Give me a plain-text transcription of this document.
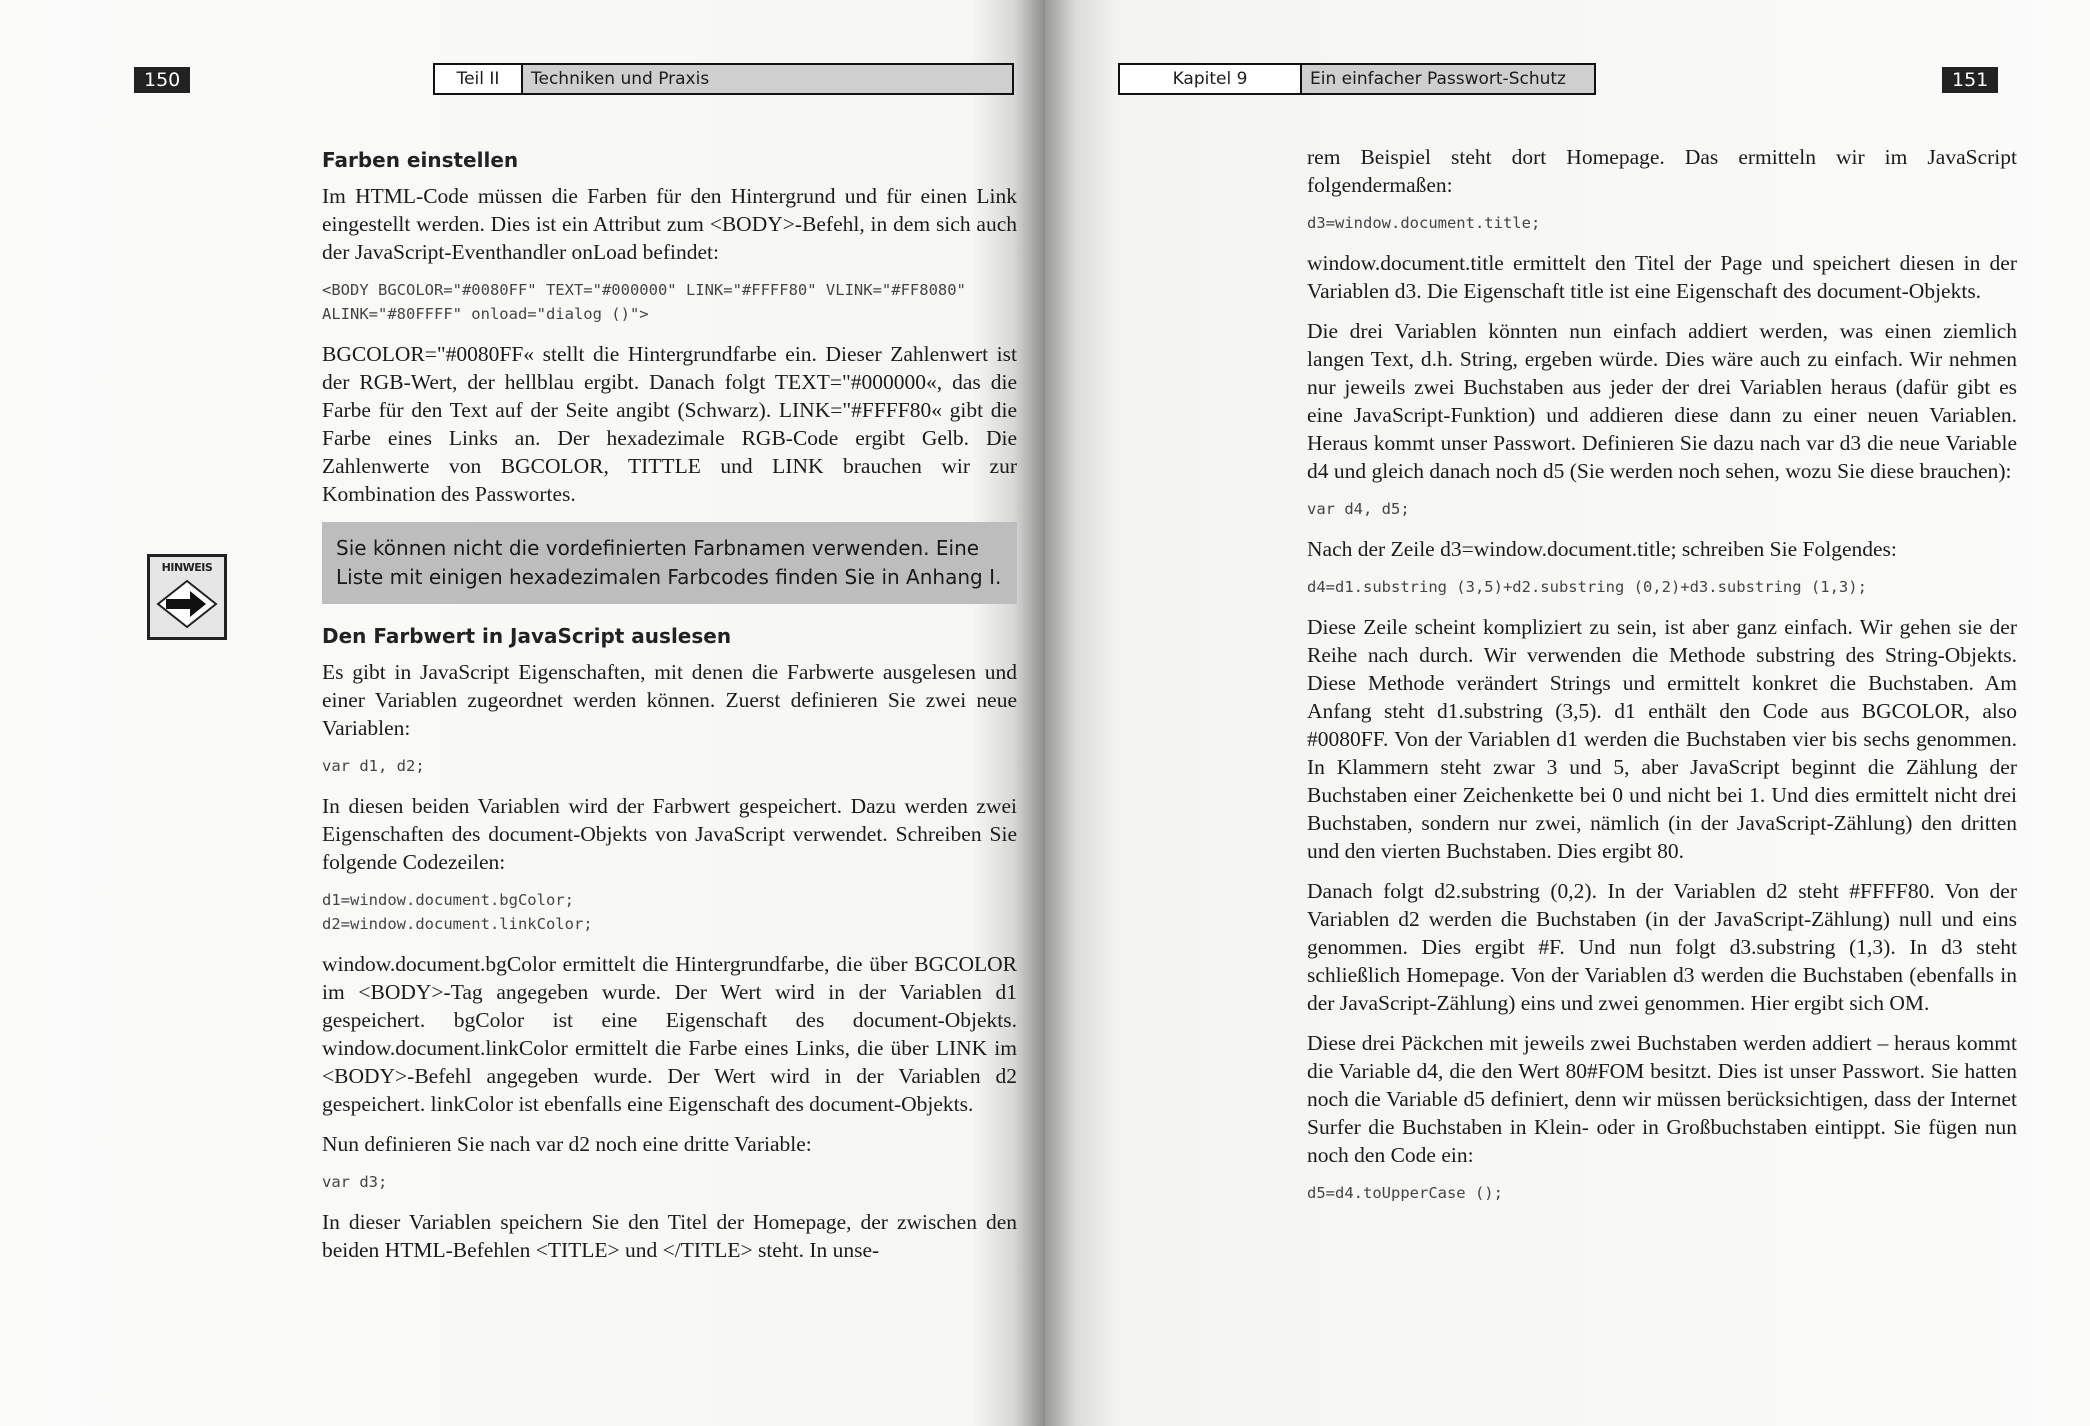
150	Teil II	Techniken und Praxis
HINWEIS
Farben einstellen

Im HTML-Code müssen die Farben für den Hintergrund und für einen Link eingestellt werden. Dies ist ein Attribut zum <BODY>-Befehl, in dem sich auch der JavaScript-Eventhandler onLoad befindet:

<BODY BGCOLOR="#0080FF" TEXT="#000000" LINK="#FFFF80" VLINK="#FF8080"
ALINK="#80FFFF" onload="dialog ()">

BGCOLOR="#0080FF« stellt die Hintergrundfarbe ein. Dieser Zahlenwert ist der RGB-Wert, der hellblau ergibt. Danach folgt TEXT="#000000«, das die Farbe für den Text auf der Seite angibt (Schwarz). LINK="#FFFF80« gibt die Farbe eines Links an. Der hexadezimale RGB-Code ergibt Gelb. Die Zahlenwerte von BGCOLOR, TITTLE und LINK brauchen wir zur Kombination des Passwortes.

Sie können nicht die vordefinierten Farbnamen verwenden. Eine Liste mit einigen hexadezimalen Farbcodes finden Sie in Anhang I.
Den Farbwert in JavaScript auslesen

Es gibt in JavaScript Eigenschaften, mit denen die Farbwerte ausgelesen und einer Variablen zugeordnet werden können. Zuerst definieren Sie zwei neue Variablen:

var d1, d2;

In diesen beiden Variablen wird der Farbwert gespeichert. Dazu werden zwei Eigenschaften des document-Objekts von JavaScript verwendet. Schreiben Sie folgende Codezeilen:

d1=window.document.bgColor;
d2=window.document.linkColor;

window.document.bgColor ermittelt die Hintergrundfarbe, die über BGCOLOR im <BODY>-Tag angegeben wurde. Der Wert wird in der Variablen d1 gespeichert. bgColor ist eine Eigenschaft des document-Objekts. window.document.linkColor ermittelt die Farbe eines Links, die über LINK im <BODY>-Befehl angegeben wurde. Der Wert wird in der Variablen d2 gespeichert. linkColor ist ebenfalls eine Eigenschaft des document-Objekts.

Nun definieren Sie nach var d2 noch eine dritte Variable:

var d3;

In dieser Variablen speichern Sie den Titel der Homepage, der zwischen den beiden HTML-Befehlen <TITLE> und </TITLE> steht. In unse-

Kapitel 9	Ein einfacher Passwort-Schutz	151

rem Beispiel steht dort Homepage. Das ermitteln wir im JavaScript folgendermaßen:

d3=window.document.title;

window.document.title ermittelt den Titel der Page und speichert diesen in der Variablen d3. Die Eigenschaft title ist eine Eigenschaft des document-Objekts.

Die drei Variablen könnten nun einfach addiert werden, was einen ziemlich langen Text, d.h. String, ergeben würde. Dies wäre auch zu einfach. Wir nehmen nur jeweils zwei Buchstaben aus jeder der drei Variablen heraus (dafür gibt es eine JavaScript-Funktion) und addieren diese dann zu einer neuen Variablen. Heraus kommt unser Passwort. Definieren Sie dazu nach var d3 die neue Variable d4 und gleich danach noch d5 (Sie werden noch sehen, wozu Sie diese brauchen):

var d4, d5;

Nach der Zeile d3=window.document.title; schreiben Sie Folgendes:

d4=d1.substring (3,5)+d2.substring (0,2)+d3.substring (1,3);

Diese Zeile scheint kompliziert zu sein, ist aber ganz einfach. Wir gehen sie der Reihe nach durch. Wir verwenden die Methode substring des String-Objekts. Diese Methode verändert Strings und ermittelt konkret die Buchstaben. Am Anfang steht d1.substring (3,5). d1 enthält den Code aus BGCOLOR, also #0080FF. Von der Variablen d1 werden die Buchstaben vier bis sechs genommen. In Klammern steht zwar 3 und 5, aber JavaScript beginnt die Zählung der Buchstaben einer Zeichenkette bei 0 und nicht bei 1. Und dies ermittelt nicht drei Buchstaben, sondern nur zwei, nämlich (in der JavaScript-Zählung) den dritten und den vierten Buchstaben. Dies ergibt 80.

Danach folgt d2.substring (0,2). In der Variablen d2 steht #FFFF80. Von der Variablen d2 werden die Buchstaben (in der JavaScript-Zählung) null und eins genommen. Dies ergibt #F. Und nun folgt d3.substring (1,3). In d3 steht schließlich Homepage. Von der Variablen d3 werden die Buchstaben (ebenfalls in der JavaScript-Zählung) eins und zwei genommen. Hier ergibt sich OM.

Diese drei Päckchen mit jeweils zwei Buchstaben werden addiert – heraus kommt die Variable d4, die den Wert 80#FOM besitzt. Dies ist unser Passwort. Sie hatten noch die Variable d5 definiert, denn wir müssen berücksichtigen, dass der Internet Surfer die Buchstaben in Klein- oder in Großbuchstaben eintippt. Sie fügen nun noch den Code ein:

d5=d4.toUpperCase ();
